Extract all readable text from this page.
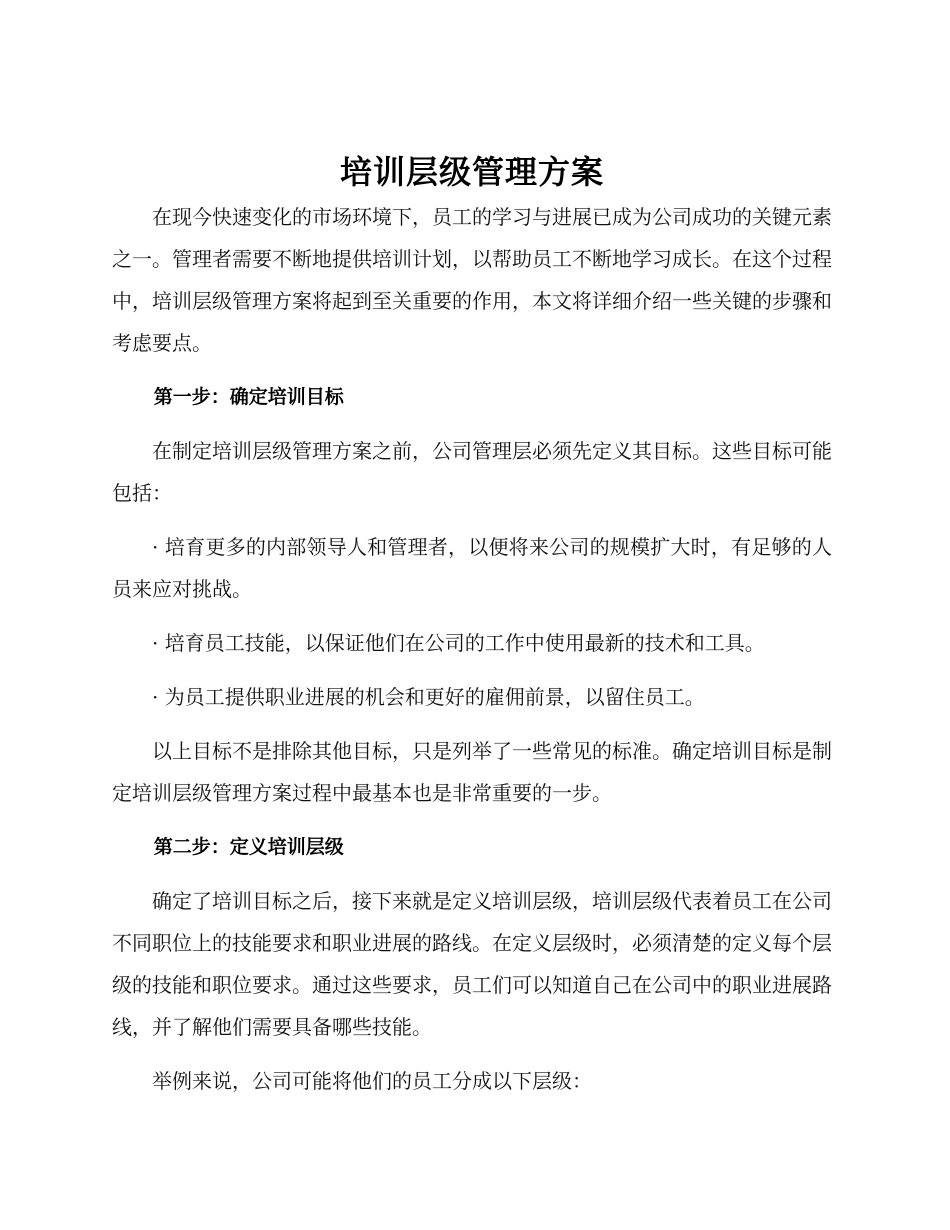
培训层级管理方案

在现今快速变化的市场环境下，员工的学习与进展已成为公司成功的关键元素之一。管理者需要不断地提供培训计划，以帮助员工不断地学习成长。在这个过程中，培训层级管理方案将起到至关重要的作用，本文将详细介绍一些关键的步骤和考虑要点。

第一步：确定培训目标

在制定培训层级管理方案之前，公司管理层必须先定义其目标。这些目标可能包括：

· 培育更多的内部领导人和管理者，以便将来公司的规模扩大时，有足够的人员来应对挑战。

· 培育员工技能，以保证他们在公司的工作中使用最新的技术和工具。

· 为员工提供职业进展的机会和更好的雇佣前景，以留住员工。

以上目标不是排除其他目标，只是列举了一些常见的标准。确定培训目标是制定培训层级管理方案过程中最基本也是非常重要的一步。

第二步：定义培训层级

确定了培训目标之后，接下来就是定义培训层级，培训层级代表着员工在公司不同职位上的技能要求和职业进展的路线。在定义层级时，必须清楚的定义每个层级的技能和职位要求。通过这些要求，员工们可以知道自己在公司中的职业进展路线，并了解他们需要具备哪些技能。

举例来说，公司可能将他们的员工分成以下层级：
